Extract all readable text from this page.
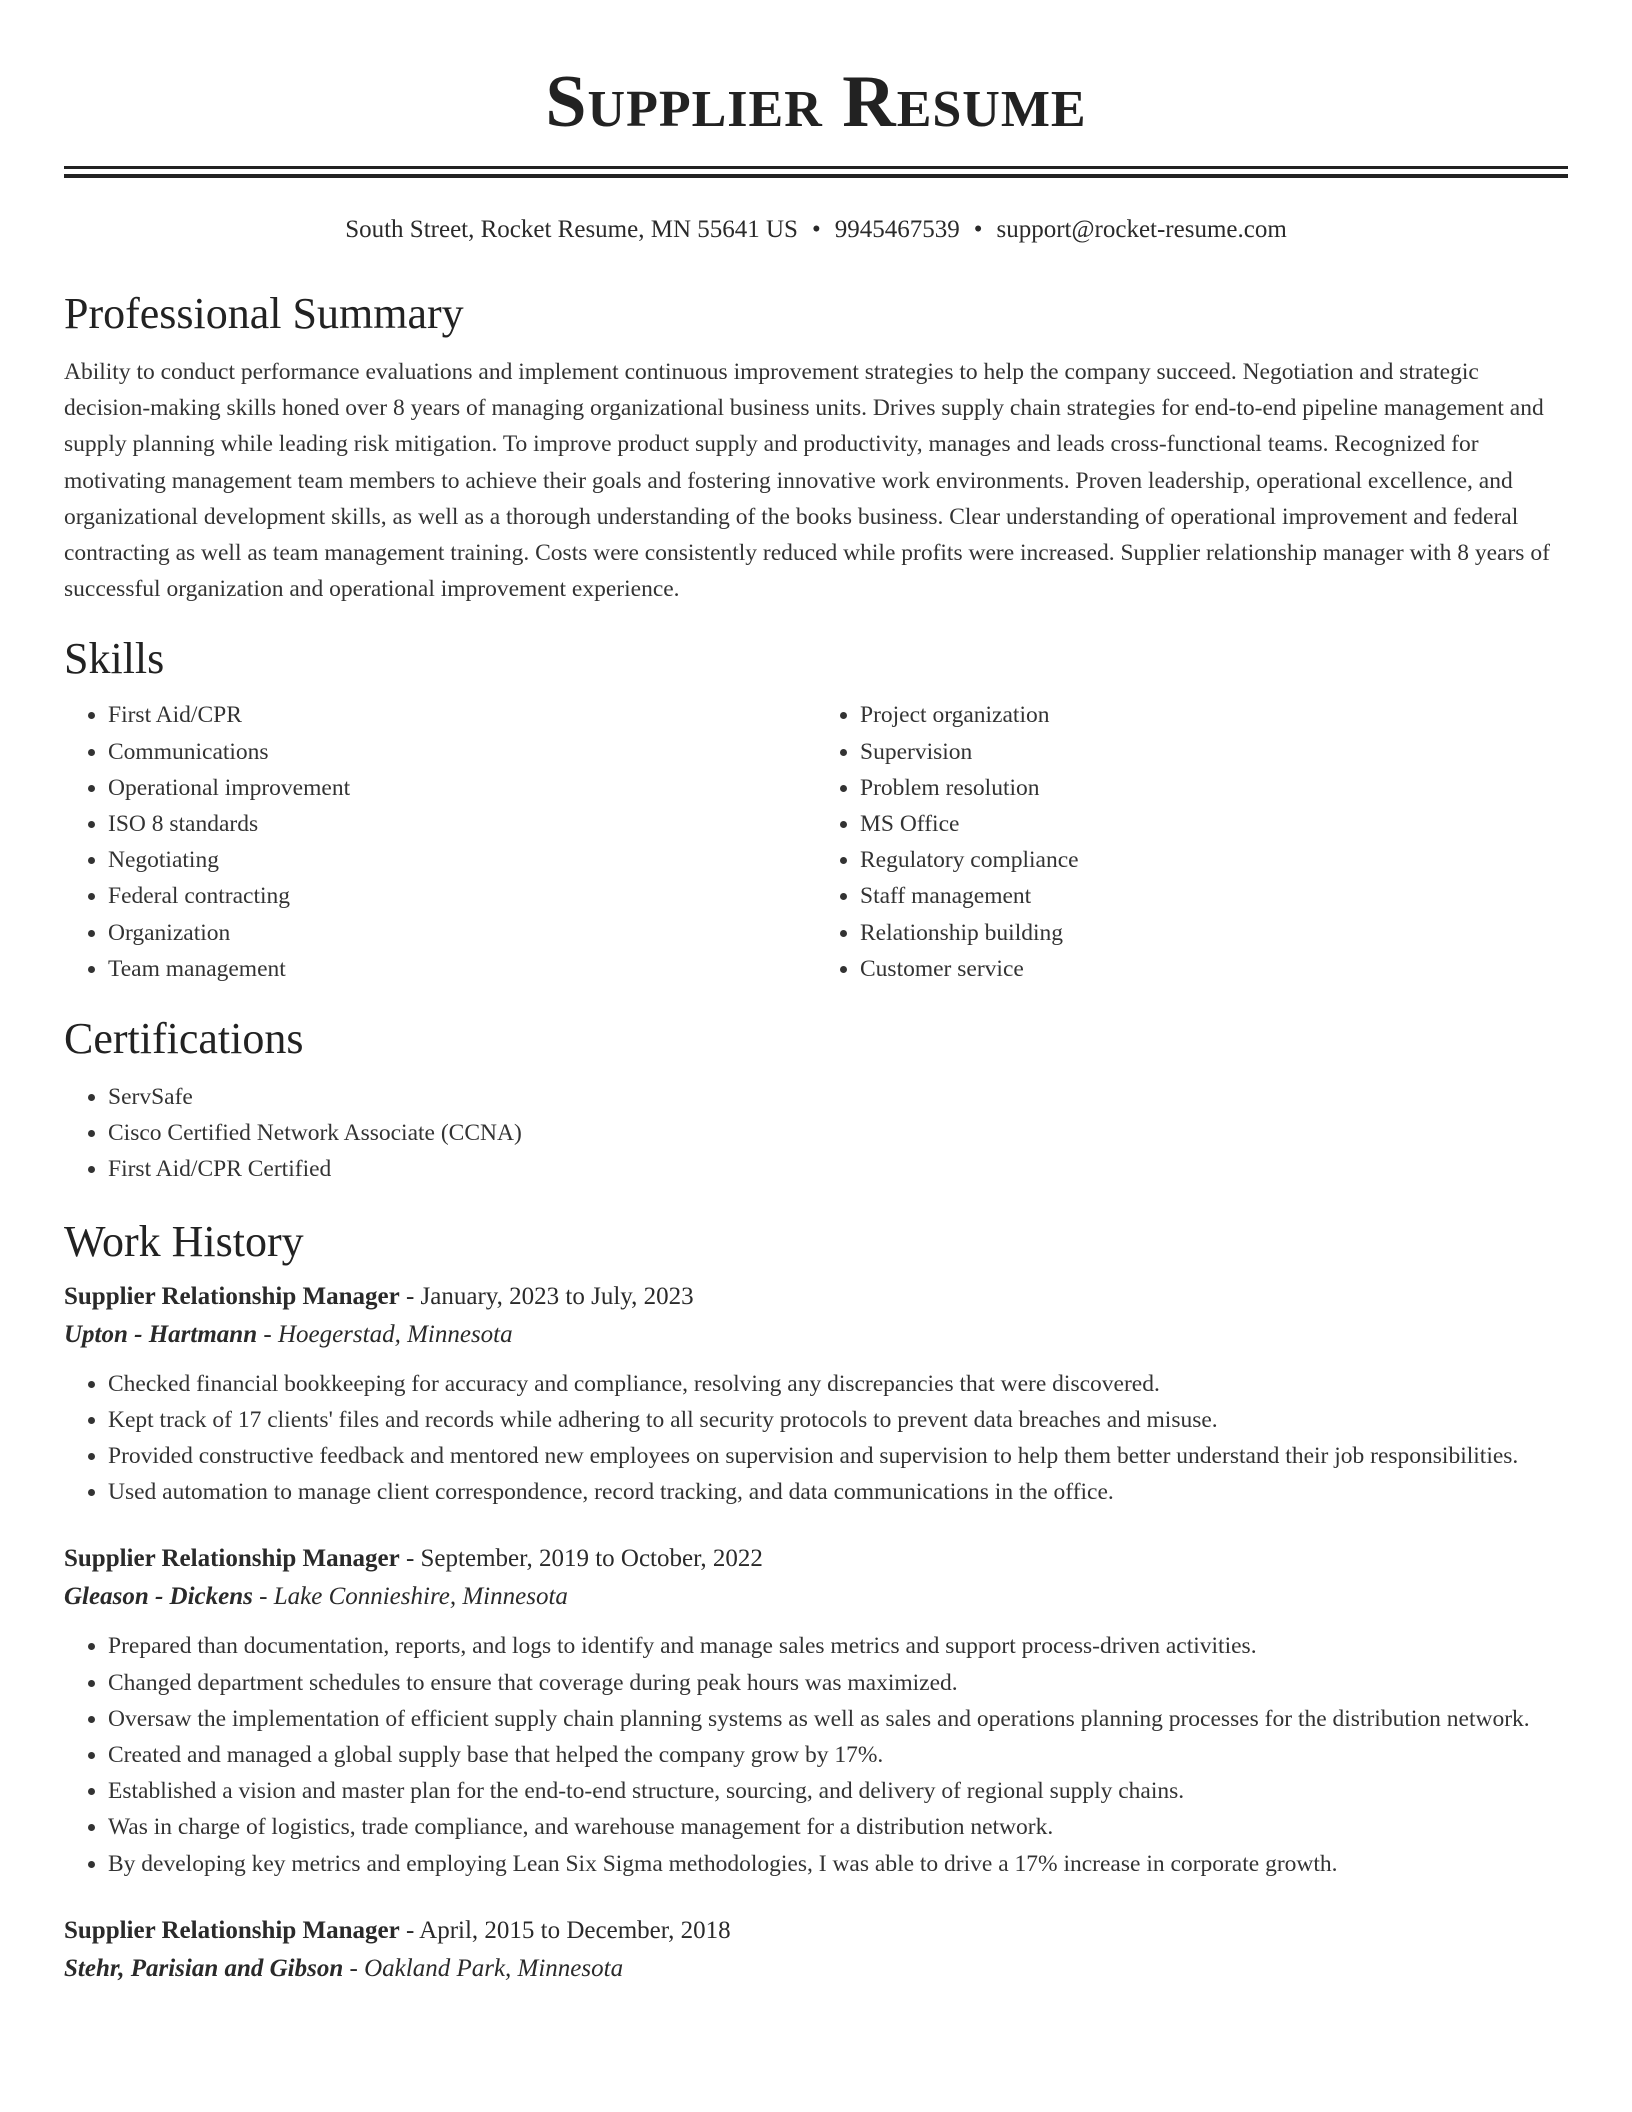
Supplier Resume
South Street, Rocket Resume, MN 55641 US • 9945467539 • support@rocket-resume.com
Professional Summary
Ability to conduct performance evaluations and implement continuous improvement strategies to help the company succeed. Negotiation and strategic decision-making skills honed over 8 years of managing organizational business units. Drives supply chain strategies for end-to-end pipeline management and supply planning while leading risk mitigation. To improve product supply and productivity, manages and leads cross-functional teams. Recognized for motivating management team members to achieve their goals and fostering innovative work environments. Proven leadership, operational excellence, and organizational development skills, as well as a thorough understanding of the books business. Clear understanding of operational improvement and federal contracting as well as team management training. Costs were consistently reduced while profits were increased. Supplier relationship manager with 8 years of successful organization and operational improvement experience.
Skills
• First Aid/CPR
• Communications
• Operational improvement
• ISO 8 standards
• Negotiating
• Federal contracting
• Organization
• Team management
• Project organization
• Supervision
• Problem resolution
• MS Office
• Regulatory compliance
• Staff management
• Relationship building
• Customer service
Certifications
• ServSafe
• Cisco Certified Network Associate (CCNA)
• First Aid/CPR Certified
Work History
Supplier Relationship Manager - January, 2023 to July, 2023
Upton - Hartmann - Hoegerstad, Minnesota
• Checked financial bookkeeping for accuracy and compliance, resolving any discrepancies that were discovered.
• Kept track of 17 clients' files and records while adhering to all security protocols to prevent data breaches and misuse.
• Provided constructive feedback and mentored new employees on supervision and supervision to help them better understand their job responsibilities.
• Used automation to manage client correspondence, record tracking, and data communications in the office.
Supplier Relationship Manager - September, 2019 to October, 2022
Gleason - Dickens - Lake Connieshire, Minnesota
• Prepared than documentation, reports, and logs to identify and manage sales metrics and support process-driven activities.
• Changed department schedules to ensure that coverage during peak hours was maximized.
• Oversaw the implementation of efficient supply chain planning systems as well as sales and operations planning processes for the distribution network.
• Created and managed a global supply base that helped the company grow by 17%.
• Established a vision and master plan for the end-to-end structure, sourcing, and delivery of regional supply chains.
• Was in charge of logistics, trade compliance, and warehouse management for a distribution network.
• By developing key metrics and employing Lean Six Sigma methodologies, I was able to drive a 17% increase in corporate growth.
Supplier Relationship Manager - April, 2015 to December, 2018
Stehr, Parisian and Gibson - Oakland Park, Minnesota
